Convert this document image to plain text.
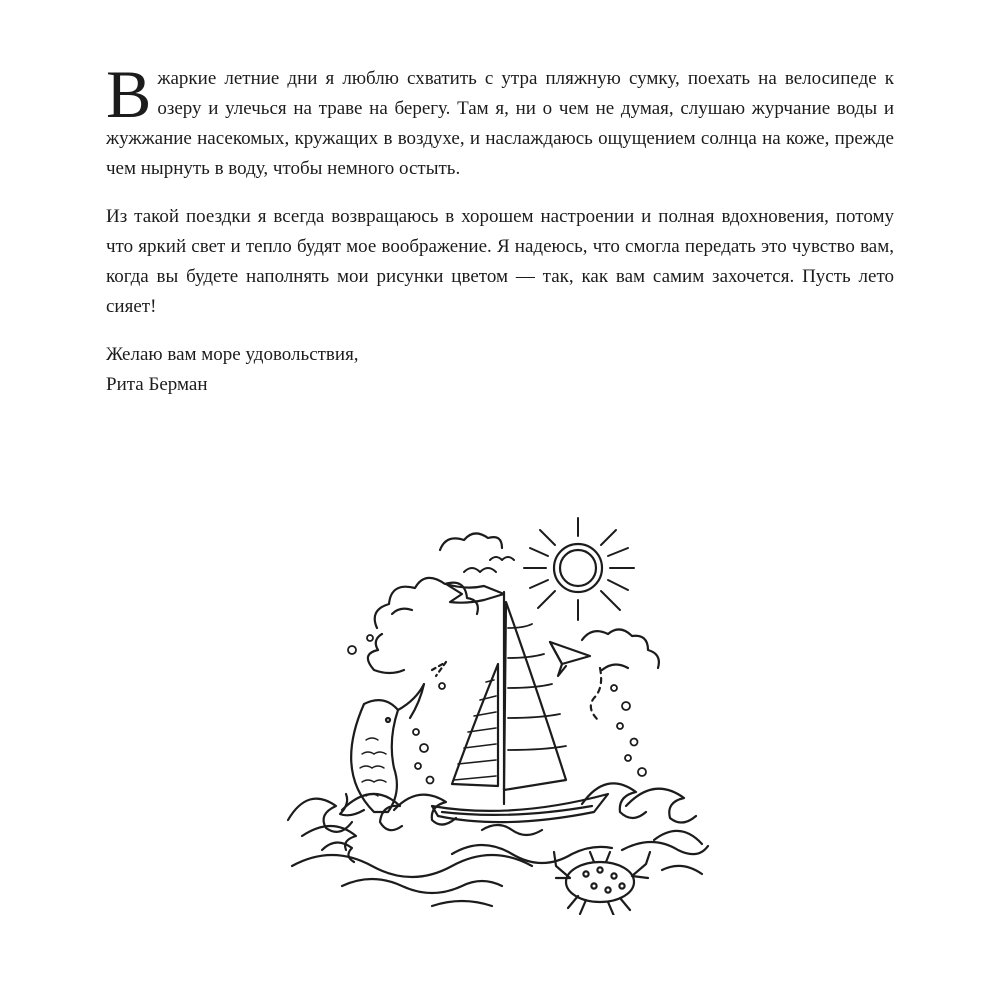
В жаркие летние дни я люблю схватить с утра пляжную сумку, поехать на велосипеде к озеру и улечься на траве на берегу. Там я, ни о чем не думая, слушаю журчание воды и жужжание насекомых, кружащих в воздухе, и наслаждаюсь ощущением солнца на коже, прежде чем нырнуть в воду, чтобы немного остыть.

Из такой поездки я всегда возвращаюсь в хорошем настроении и полная вдохновения, потому что яркий свет и тепло будят мое воображение. Я надеюсь, что смогла передать это чувство вам, когда вы будете наполнять мои рисунки цветом — так, как вам самим захочется. Пусть лето сияет!

Желаю вам море удовольствия,

Рита Берман
